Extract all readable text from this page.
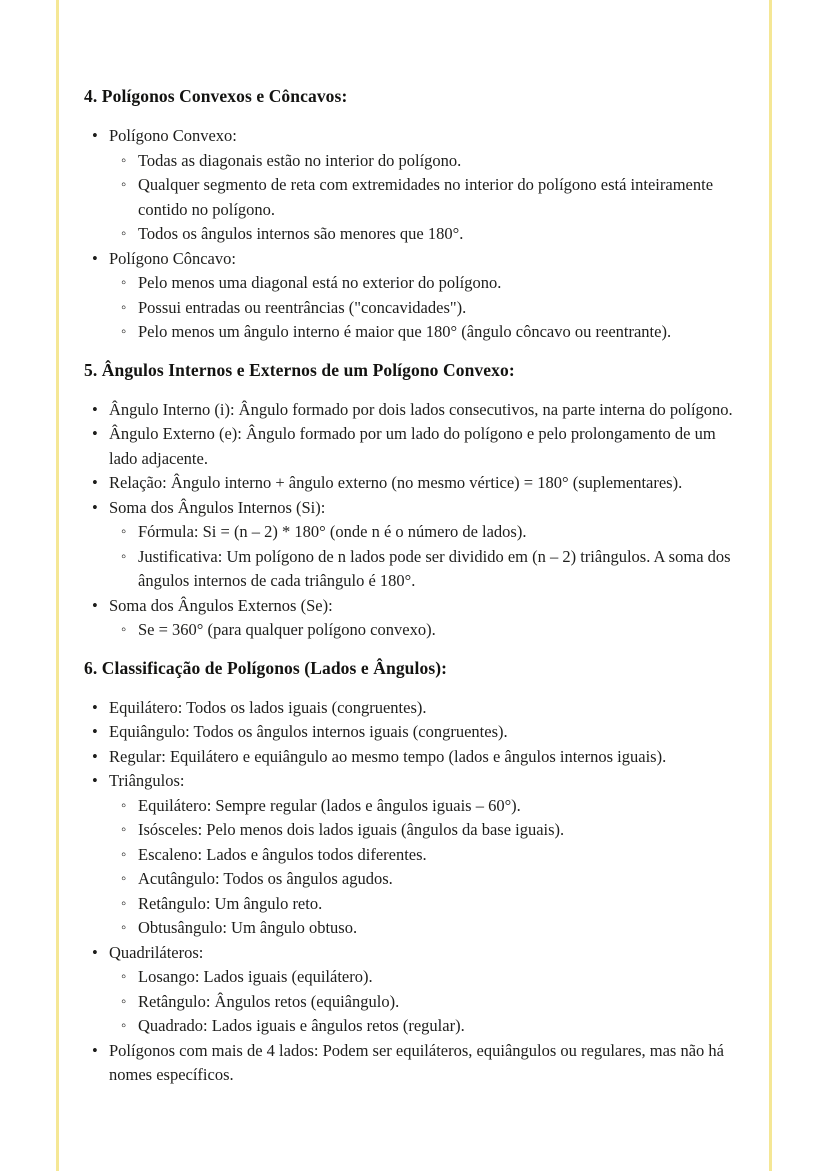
4. Polígonos Convexos e Côncavos:
• Polígono Convexo:
◦ Todas as diagonais estão no interior do polígono.
◦ Qualquer segmento de reta com extremidades no interior do polígono está inteiramente contido no polígono.
◦ Todos os ângulos internos são menores que 180°.
• Polígono Côncavo:
◦ Pelo menos uma diagonal está no exterior do polígono.
◦ Possui entradas ou reentrâncias ("concavidades").
◦ Pelo menos um ângulo interno é maior que 180° (ângulo côncavo ou reentrante).
5. Ângulos Internos e Externos de um Polígono Convexo:
• Ângulo Interno (i): Ângulo formado por dois lados consecutivos, na parte interna do polígono.
• Ângulo Externo (e): Ângulo formado por um lado do polígono e pelo prolongamento de um lado adjacente.
• Relação: Ângulo interno + ângulo externo (no mesmo vértice) = 180° (suplementares).
• Soma dos Ângulos Internos (Si):
◦ Fórmula: Si = (n – 2) * 180° (onde n é o número de lados).
◦ Justificativa: Um polígono de n lados pode ser dividido em (n – 2) triângulos. A soma dos ângulos internos de cada triângulo é 180°.
• Soma dos Ângulos Externos (Se):
◦ Se = 360° (para qualquer polígono convexo).
6. Classificação de Polígonos (Lados e Ângulos):
• Equilátero: Todos os lados iguais (congruentes).
• Equiângulo: Todos os ângulos internos iguais (congruentes).
• Regular: Equilátero e equiângulo ao mesmo tempo (lados e ângulos internos iguais).
• Triângulos:
◦ Equilátero: Sempre regular (lados e ângulos iguais – 60°).
◦ Isósceles: Pelo menos dois lados iguais (ângulos da base iguais).
◦ Escaleno: Lados e ângulos todos diferentes.
◦ Acutângulo: Todos os ângulos agudos.
◦ Retângulo: Um ângulo reto.
◦ Obtusângulo: Um ângulo obtuso.
• Quadriláteros:
◦ Losango: Lados iguais (equilátero).
◦ Retângulo: Ângulos retos (equiângulo).
◦ Quadrado: Lados iguais e ângulos retos (regular).
• Polígonos com mais de 4 lados: Podem ser equiláteros, equiângulos ou regulares, mas não há nomes específicos.
